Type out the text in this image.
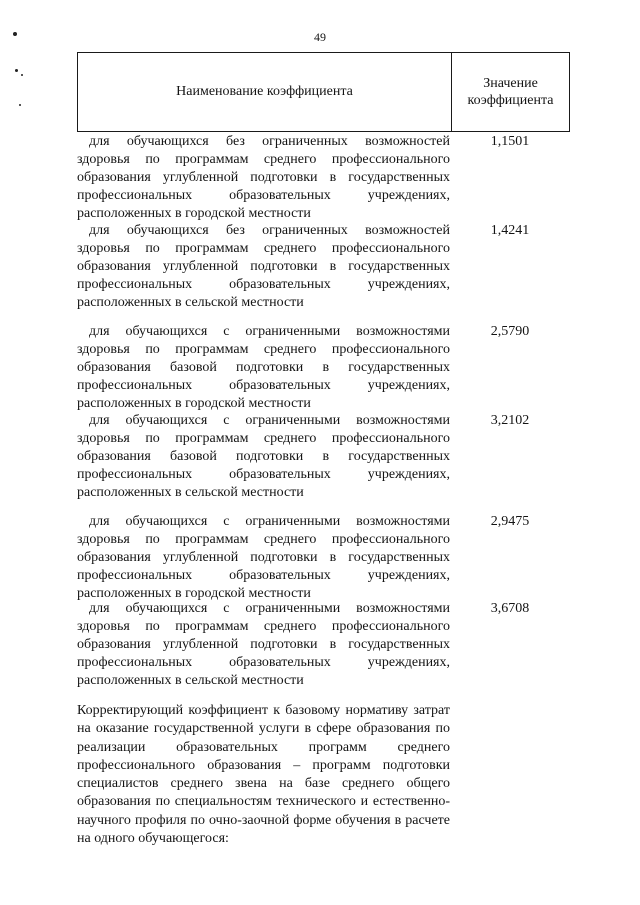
49
Наименование коэффициента
Значение
коэффициента
для обучающихся без ограниченных возможностей здоровья по программам среднего профессионального образования углубленной подготовки в государственных профессиональных образовательных учреждениях, расположенных в городской местности
1,1501
для обучающихся без ограниченных возможностей здоровья по программам среднего профессионального образования углубленной подготовки в государственных профессиональных образовательных учреждениях, расположенных в сельской местности
1,4241
для обучающихся с ограниченными возможностями здоровья по программам среднего профессионального образования базовой подготовки в государственных профессиональных образовательных учреждениях, расположенных в городской местности
2,5790
для обучающихся с ограниченными возможностями здоровья по программам среднего профессионального образования базовой подготовки в государственных профессиональных образовательных учреждениях, расположенных в сельской местности
3,2102
для обучающихся с ограниченными возможностями здоровья по программам среднего профессионального образования углубленной подготовки в государственных профессиональных образовательных учреждениях, расположенных в городской местности
2,9475
для обучающихся с ограниченными возможностями здоровья по программам среднего профессионального образования углубленной подготовки в государственных профессиональных образовательных учреждениях, расположенных в сельской местности
3,6708
Корректирующий коэффициент к базовому нормативу затрат на оказание государственной услуги в сфере образования по реализации образовательных программ среднего профессионального образования – программ подготовки специалистов среднего звена на базе среднего общего образования по специальностям технического и естественно-научного профиля по очно-заочной форме обучения в расчете на одного обучающегося:
